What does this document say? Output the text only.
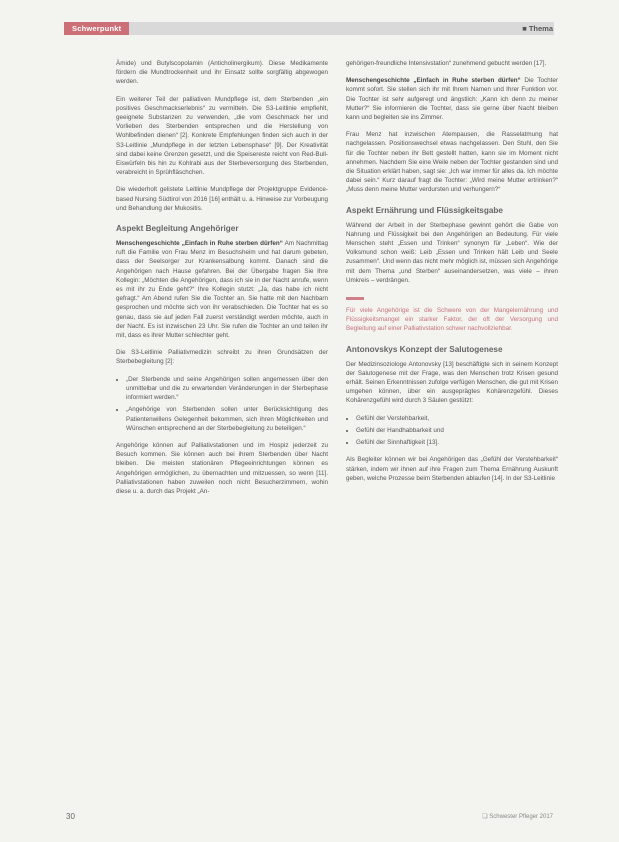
Schwerpunkt	■ Thema

Ämide) und Butylscopolamin (Anticholinergikum). Diese Medikamente fördern die Mundtrockenheit und ihr Einsatz sollte sorgfältig abgewogen werden.

Ein weiterer Teil der palliativen Mundpflege ist, dem Sterbenden „ein positives Geschmackserlebnis“ zu vermitteln. Die S3-Leitlinie empfiehlt, geeignete Substanzen zu verwenden, „die vom Geschmack her und Vorlieben des Sterbenden entsprechen und die Herstellung von Wohlbefinden dienen“ [2]. Konkrete Empfehlungen finden sich auch in der S3-Leitlinie „Mundpflege in der letzten Lebensphase“ [9]. Der Kreativität sind dabei keine Grenzen gesetzt, und die Speisereste reicht von Red-Bull-Eiswürfeln bis hin zu Kohlrabi aus der Sterbeversorgung des Sterbenden, verabreicht in Sprühfläschchen.

Die wiederholt gelistete Leitlinie Mundpflege der Projektgruppe Evidence-based Nursing Südtirol von 2016 [16] enthält u. a. Hinweise zur Vorbeugung und Behandlung der Mukositis.

Aspekt Begleitung Angehöriger

Menschengeschichte „Einfach in Ruhe sterben dürfen“ Am Nachmittag ruft die Familie von Frau Menz im Besuchsheim und hat darum gebeten, dass der Seelsorger zur Krankensalbung kommt. Danach sind die Angehörigen nach Hause gefahren. Bei der Übergabe fragen Sie Ihre Kollegin: „Möchten die Angehörigen, dass ich sie in der Nacht anrufe, wenn es mit ihr zu Ende geht?“ Ihre Kollegin stutzt: „Ja, das habe ich nicht gefragt.“ Am Abend rufen Sie die Tochter an. Sie hatte mit den Nachbarn gesprochen und möchte sich von ihr verabschieden. Die Tochter hat es so genau, dass sie auf jeden Fall zuerst verständigt werden möchte, auch in der Nacht. Es ist inzwischen 23 Uhr. Sie rufen die Tochter an und teilen ihr mit, dass es ihrer Mutter schlechter geht.

Die S3-Leitlinie Palliativmedizin schreibt zu ihren Grundsätzen der Sterbebegleitung [2]:

• „Der Sterbende und seine Angehörigen sollen angemessen über den unmittelbar und die zu erwartenden Veränderungen in der Sterbephase informiert werden.“
• „Angehörige von Sterbenden sollen unter Berücksichtigung des Patientenwillens Gelegenheit bekommen, sich ihren Möglichkeiten und Wünschen entsprechend an der Sterbebegleitung zu beteiligen.“

Angehörige können auf Palliativstationen und im Hospiz jederzeit zu Besuch kommen. Sie können auch bei ihrem Sterbenden über Nacht bleiben. Die meisten stationären Pflegeeinrichtungen können es Angehörigen ermöglichen, zu übernachten und mitzuessen, so wenn [11]. Palliativstationen haben zuweilen noch nicht Besucherzimmern, wohin diese u. a. durch das Projekt „An-

gehörigen-freundliche Intensivstation“ zunehmend gebucht werden [17].

Menschengeschichte „Einfach in Ruhe sterben dürfen“ Die Tochter kommt sofort. Sie stellen sich ihr mit Ihrem Namen und Ihrer Funktion vor. Die Tochter ist sehr aufgeregt und ängstlich: „Kann ich denn zu meiner Mutter?“ Sie informieren die Tochter, dass sie gerne über Nacht bleiben kann und begleiten sie ins Zimmer.

Frau Menz hat inzwischen Atempausen, die Rasselatmung hat nachgelassen. Positionswechsel etwas nachgelassen. Den Stuhl, den Sie für die Tochter neben ihr Bett gestellt hatten, kann sie im Moment nicht annehmen. Nachdem Sie eine Weile neben der Tochter gestanden sind und die Situation erklärt haben, sagt sie: „Ich war immer für alles da. Ich möchte dabei sein.“ Kurz darauf fragt die Tochter: „Wird meine Mutter ertrinken?“ „Muss denn meine Mutter verdursten und verhungern?“

Aspekt Ernährung und Flüssigkeitsgabe

Während der Arbeit in der Sterbephase gewinnt gehört die Gabe von Nahrung und Flüssigkeit bei den Angehörigen an Bedeutung. Für viele Menschen steht „Essen und Trinken“ synonym für „Leben“. Wie der Volksmund schon weiß: Leib „Essen und Trinken hält Leib und Seele zusammen“. Und wenn das nicht mehr möglich ist, müssen sich Angehörige mit dem Thema „und Sterben“ auseinandersetzen, was viele – ihren Umkreis – verdrängen.

Für viele Angehörige ist die Schwere von der Mangelernährung und Flüssigkeitsmangel ein starker Faktor, der oft der Versorgung und Begleitung auf einer Palliativstation schwer nachvollziehbar.

Antonovskys Konzept der Salutogenese

Der Medizinsoziologe Antonovsky [13] beschäftigte sich in seinem Konzept der Salutogenese mit der Frage, was den Menschen trotz Krisen gesund erhält. Seinen Erkenntnissen zufolge verfügen Menschen, die gut mit Krisen umgehen können, über ein ausgeprägtes Kohärenzgefühl. Dieses Kohärenzgefühl wird durch 3 Säulen gestützt:

• Gefühl der Verstehbarkeit,
• Gefühl der Handhabbarkeit und
• Gefühl der Sinnhaftigkeit [13].

Als Begleiter können wir bei Angehörigen das „Gefühl der Verstehbarkeit“ stärken, indem wir ihnen auf ihre Fragen zum Thema Ernährung Auskunft geben, welche Prozesse beim Sterbenden ablaufen [14]. In der S3-Leitlinie

30	❏ Schwester Pfleger 2017
